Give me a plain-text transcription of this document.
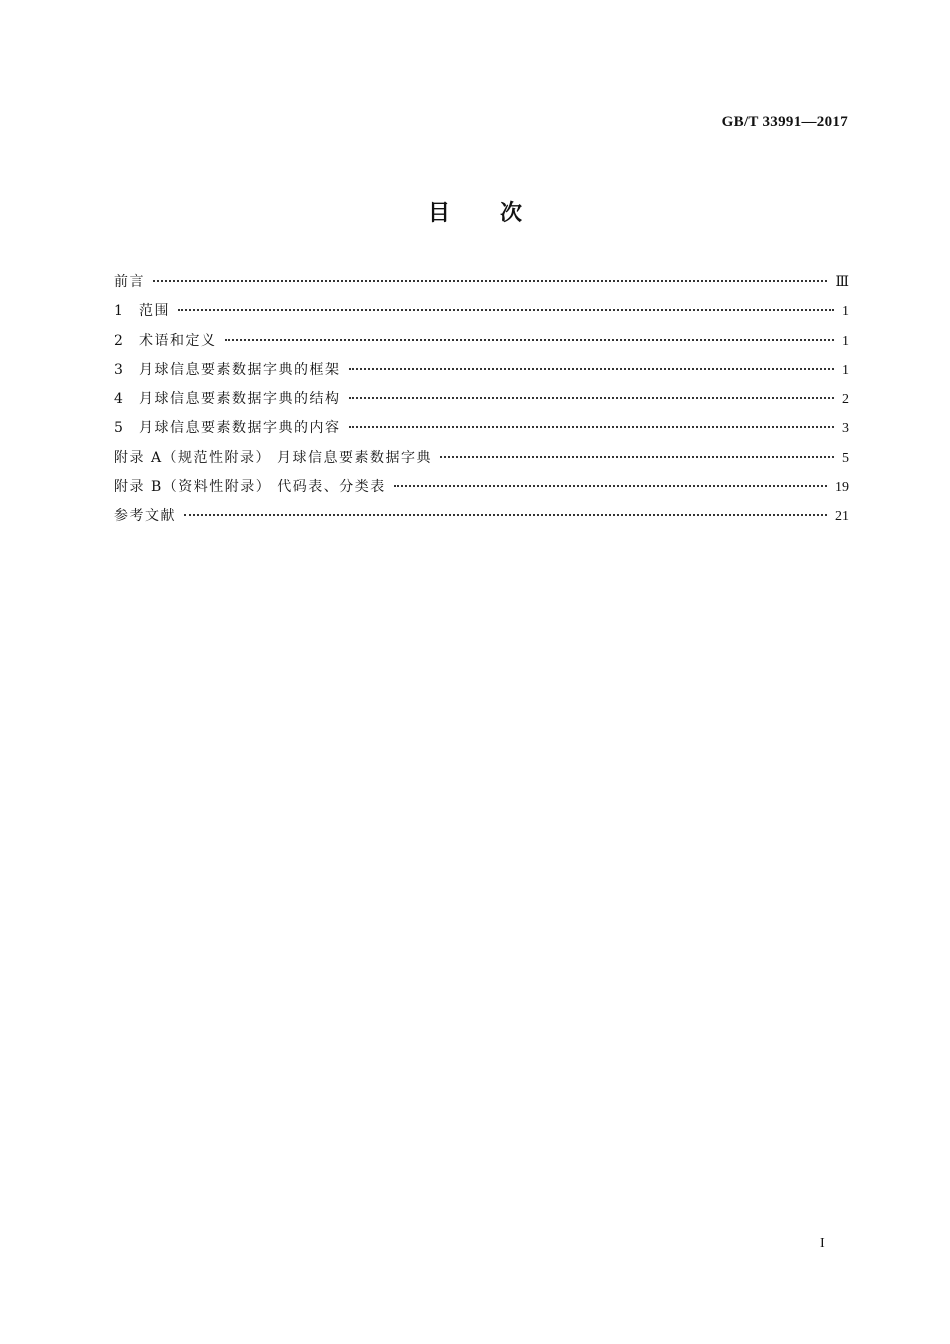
GB/T 33991—2017
目次
前言	Ⅲ
1	范围	1
2	术语和定义	1
3	月球信息要素数据字典的框架	1
4	月球信息要素数据字典的结构	2
5	月球信息要素数据字典的内容	3
附录 A（规范性附录） 月球信息要素数据字典	5
附录 B（资料性附录） 代码表、分类表	19
参考文献	21
I
